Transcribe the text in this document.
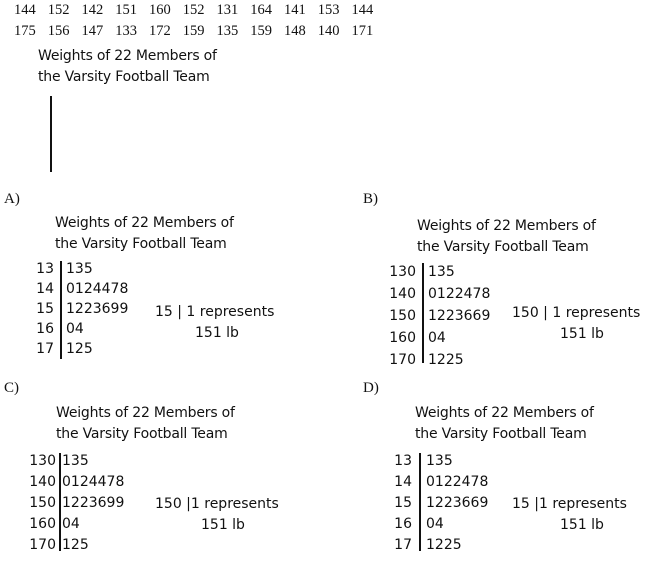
144	152	142	151	160	152	131	164	141	153	144
175	156	147	133	172	159	135	159	148	140	171
Weights of 22 Members of
the Varsity Football Team
A)
Weights of 22 Members of
the Varsity Football Team
13 135
14 0124478
15 1223699
16 04
17 125
15 | 1 represents
151 lb
B)
Weights of 22 Members of
the Varsity Football Team
130 135
140 0122478
150 1223669
160 04
170 1225
150 | 1 represents
151 lb
C)
Weights of 22 Members of
the Varsity Football Team
130 135
140 0124478
150 1223699
160 04
170 125
150 |1 represents
151 lb
D)
Weights of 22 Members of
the Varsity Football Team
13 135
14 0122478
15 1223669
16 04
17 1225
15 |1 represents
151 lb
